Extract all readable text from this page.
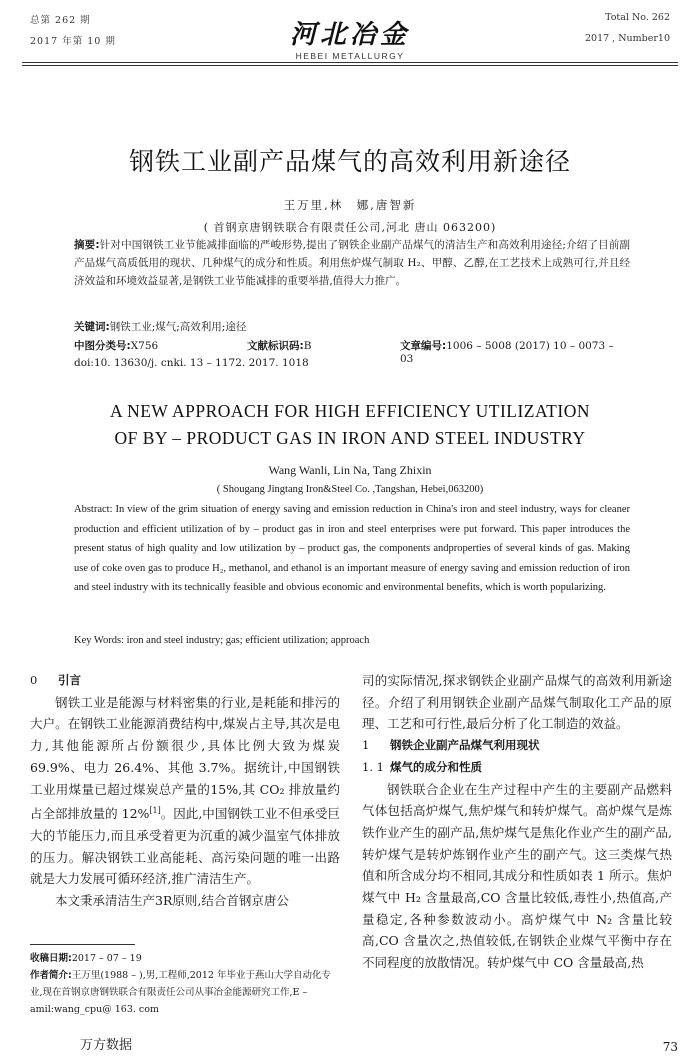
总第 262 期
2017 年第 10 期	河北冶金
HEBEI METALLURGY
Total No. 262
2017 , Number10
钢铁工业副产品煤气的高效利用新途径
王万里,林　娜,唐智新
( 首钢京唐钢铁联合有限责任公司,河北 唐山 063200)
摘要:针对中国钢铁工业节能减排面临的严峻形势,提出了钢铁企业副产品煤气的清洁生产和高效利用途径;介绍了目前副产品煤气高质低用的现状、几种煤气的成分和性质。利用焦炉煤气制取 H₂、甲醇、乙醇,在工艺技术上成熟可行,并且经济效益和环境效益显著,是钢铁工业节能减排的重要举措,值得大力推广。
关键词:钢铁工业;煤气;高效利用;途径
中图分类号:X756	文献标识码:B	文章编号:1006 – 5008 (2017) 10 – 0073 – 03
doi:10. 13630/j. cnki. 13 – 1172. 2017. 1018
A NEW APPROACH FOR HIGH EFFICIENCY UTILIZATION
OF BY – PRODUCT GAS IN IRON AND STEEL INDUSTRY
Wang Wanli, Lin Na, Tang Zhixin
( Shougang Jingtang Iron&Steel Co. ,Tangshan, Hebei,063200)
Abstract: In view of the grim situation of energy saving and emission reduction in China's iron and steel industry, ways for cleaner production and efficient utilization of by – product gas in iron and steel enterprises were put forward. This paper introduces the present status of high quality and low utilization by – product gas, the components andproperties of several kinds of gas. Making use of coke oven gas to produce H₂, methanol, and ethanol is an important measure of energy saving and emission reduction of iron and steel industry with its technically feasible and obvious economic and environmental benefits, which is worth popularizing.
Key Words: iron and steel industry; gas; efficient utilization; approach

0 引言

钢铁工业是能源与材料密集的行业,是耗能和排污的大户。在钢铁工业能源消费结构中,煤炭占主导,其次是电力,其他能源所占份额很少,具体比例大致为煤炭 69.9%、电力 26.4%、其他 3.7%。据统计,中国钢铁工业用煤量已超过煤炭总产量的15%,其 CO₂ 排放量约占全部排放量的 12%[1]。因此,中国钢铁工业不但承受巨大的节能压力,而且承受着更为沉重的减少温室气体排放的压力。解决钢铁工业高能耗、高污染问题的唯一出路就是大力发展可循环经济,推广清洁生产。

本文秉承清洁生产3R原则,结合首钢京唐公

司的实际情况,探求钢铁企业副产品煤气的高效利用新途径。介绍了利用钢铁企业副产品煤气制取化工产品的原理、工艺和可行性,最后分析了化工制造的效益。

1 钢铁企业副产品煤气利用现状

1. 1 煤气的成分和性质

钢铁联合企业在生产过程中产生的主要副产品燃料气体包括高炉煤气,焦炉煤气和转炉煤气。高炉煤气是炼铁作业产生的副产品,焦炉煤气是焦化作业产生的副产品,转炉煤气是转炉炼钢作业产生的副产气。这三类煤气热值和所含成分均不相同,其成分和性质如表 1 所示。焦炉煤气中 H₂ 含量最高,CO 含量比较低,毒性小,热值高,产量稳定,各种参数波动小。高炉煤气中 N₂ 含量比较高,CO 含量次之,热值较低,在钢铁企业煤气平衡中存在不同程度的放散情况。转炉煤气中 CO 含量最高,热

收稿日期:2017 – 07 – 19
作者简介:王万里(1988 – ),男,工程师,2012 年毕业于燕山大学自动化专业,现在首钢京唐钢铁联合有限责任公司从事冶金能源研究工作,E – amil:wang_cpu@ 163. com
万方数据	73
